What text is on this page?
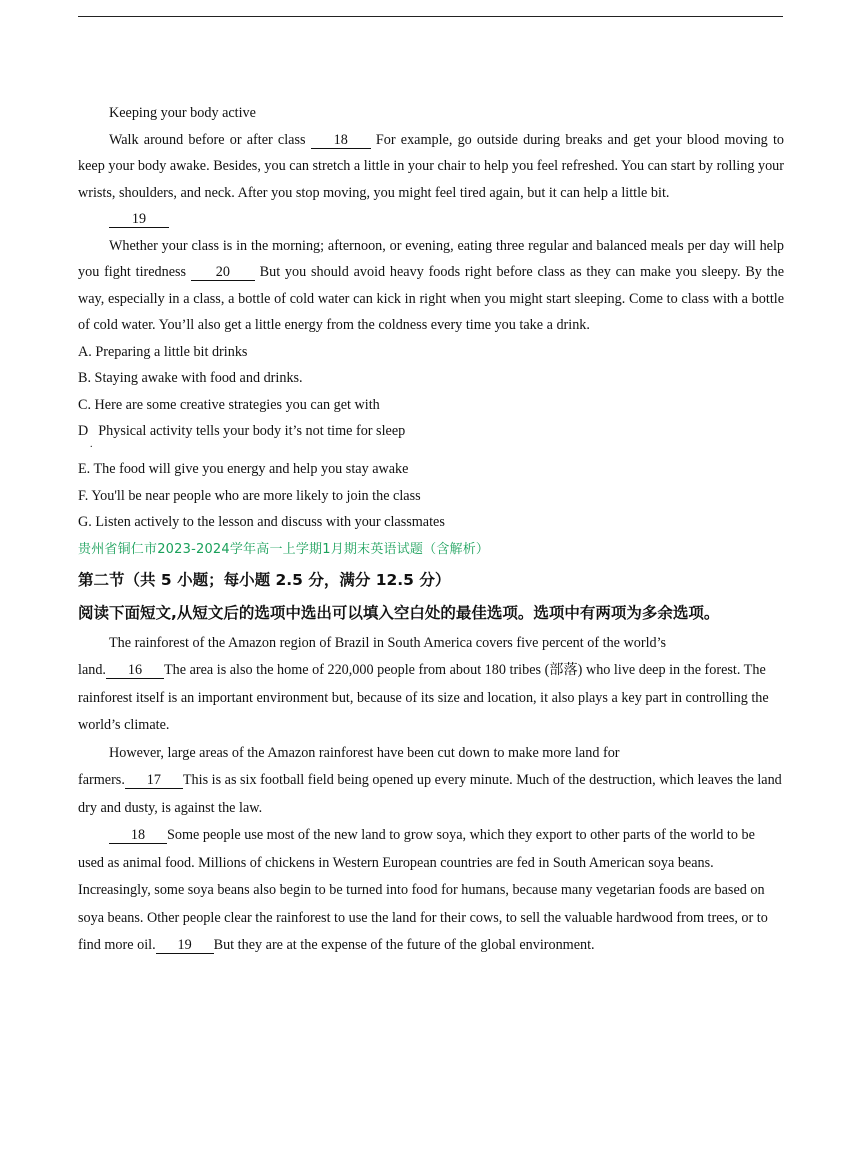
Keeping your body active

Walk around before or after class 18 For example, go outside during breaks and get your blood moving to keep your body awake. Besides, you can stretch a little in your chair to help you feel refreshed. You can start by rolling your wrists, shoulders, and neck. After you stop moving, you might feel tired again, but it can help a little bit.

19

Whether your class is in the morning; afternoon, or evening, eating three regular and balanced meals per day will help you fight tiredness 20 But you should avoid heavy foods right before class as they can make you sleepy. By the way, especially in a class, a bottle of cold water can kick in right when you might start sleeping. Come to class with a bottle of cold water. You’ll also get a little energy from the coldness every time you take a drink.

A. Preparing a little bit drinks

B. Staying awake with food and drinks.

C. Here are some creative strategies you can get with

D Physical activity tells your body it’s not time for sleep
.

E. The food will give you energy and help you stay awake

F. You'll be near people who are more likely to join the class

G. Listen actively to the lesson and discuss with your classmates

贵州省铜仁市2023-2024学年高一上学期1月期末英语试题（含解析）

第二节（共 5 小题；每小题 2.5 分，满分 12.5 分）

阅读下面短文,从短文后的选项中选出可以填入空白处的最佳选项。选项中有两项为多余选项。

The rainforest of the Amazon region of Brazil in South America covers five percent of the world’s

land. 16 The area is also the home of 220,000 people from about 180 tribes (部落) who live deep in the forest. The rainforest itself is an important environment but, because of its size and location, it also plays a key part in controlling the world’s climate.

However, large areas of the Amazon rainforest have been cut down to make more land for

farmers. 17 This is as six football field being opened up every minute. Much of the destruction, which leaves the land dry and dusty, is against the law.

18 Some people use most of the new land to grow soya, which they export to other parts of the world to be used as animal food. Millions of chickens in Western European countries are fed in South American soya beans. Increasingly, some soya beans also begin to be turned into food for humans, because many vegetarian foods are based on soya beans. Other people clear the rainforest to use the land for their cows, to sell the valuable hardwood from trees, or to find more oil. 19 But they are at the expense of the future of the global environment.
